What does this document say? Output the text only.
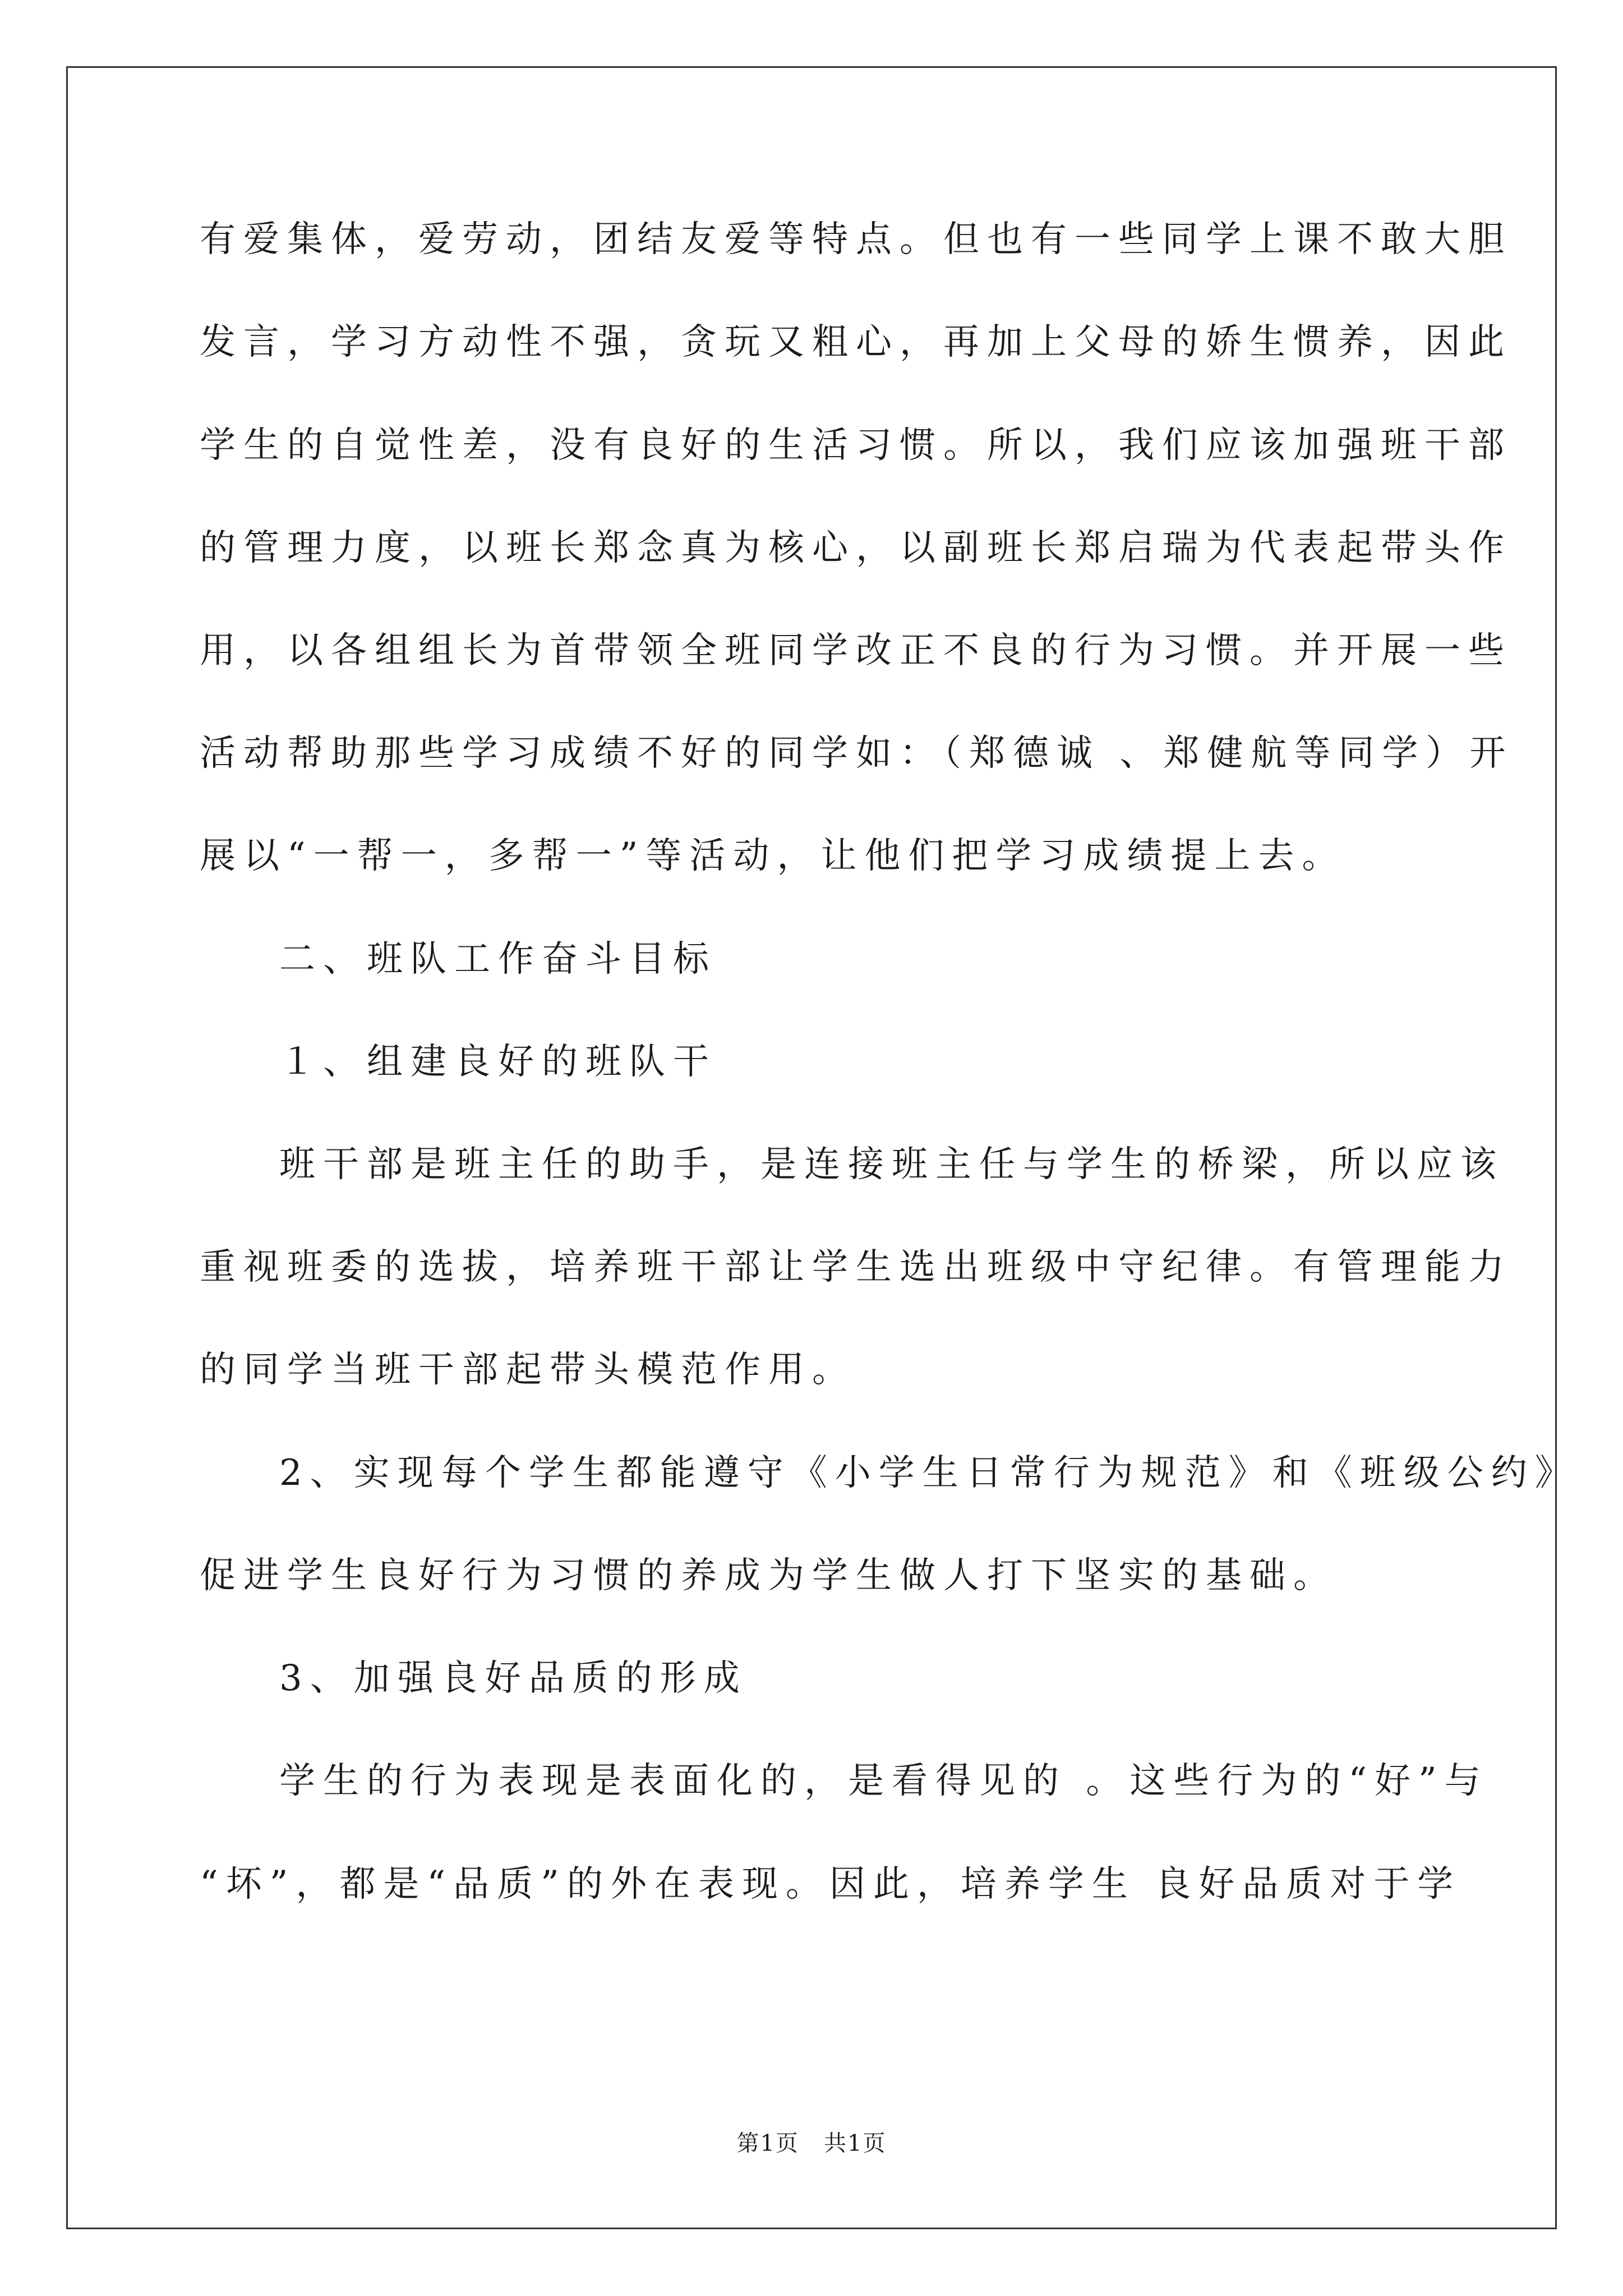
有爱集体，爱劳动，团结友爱等特点。但也有一些同学上课不敢大胆
发言，学习方动性不强，贪玩又粗心，再加上父母的娇生惯养，因此
学生的自觉性差，没有良好的生活习惯。所以，我们应该加强班干部
的管理力度，以班长郑念真为核心，以副班长郑启瑞为代表起带头作
用，以各组组长为首带领全班同学改正不良的行为习惯。并开展一些
活动帮助那些学习成绩不好的同学如：（郑德诚 、郑健航等同学）开
展以“一帮一，多帮一”等活动，让他们把学习成绩提上去。
二、班队工作奋斗目标
１、组建良好的班队干
班干部是班主任的助手，是连接班主任与学生的桥梁，所以应该
重视班委的选拔，培养班干部让学生选出班级中守纪律。有管理能力
的同学当班干部起带头模范作用。
2、实现每个学生都能遵守《小学生日常行为规范》和《班级公约》
促进学生良好行为习惯的养成为学生做人打下坚实的基础。
3、加强良好品质的形成
学生的行为表现是表面化的，是看得见的 。这些行为的“好”与
“坏”，都是“品质”的外在表现。因此，培养学生 良好品质对于学
第1页   共1页
